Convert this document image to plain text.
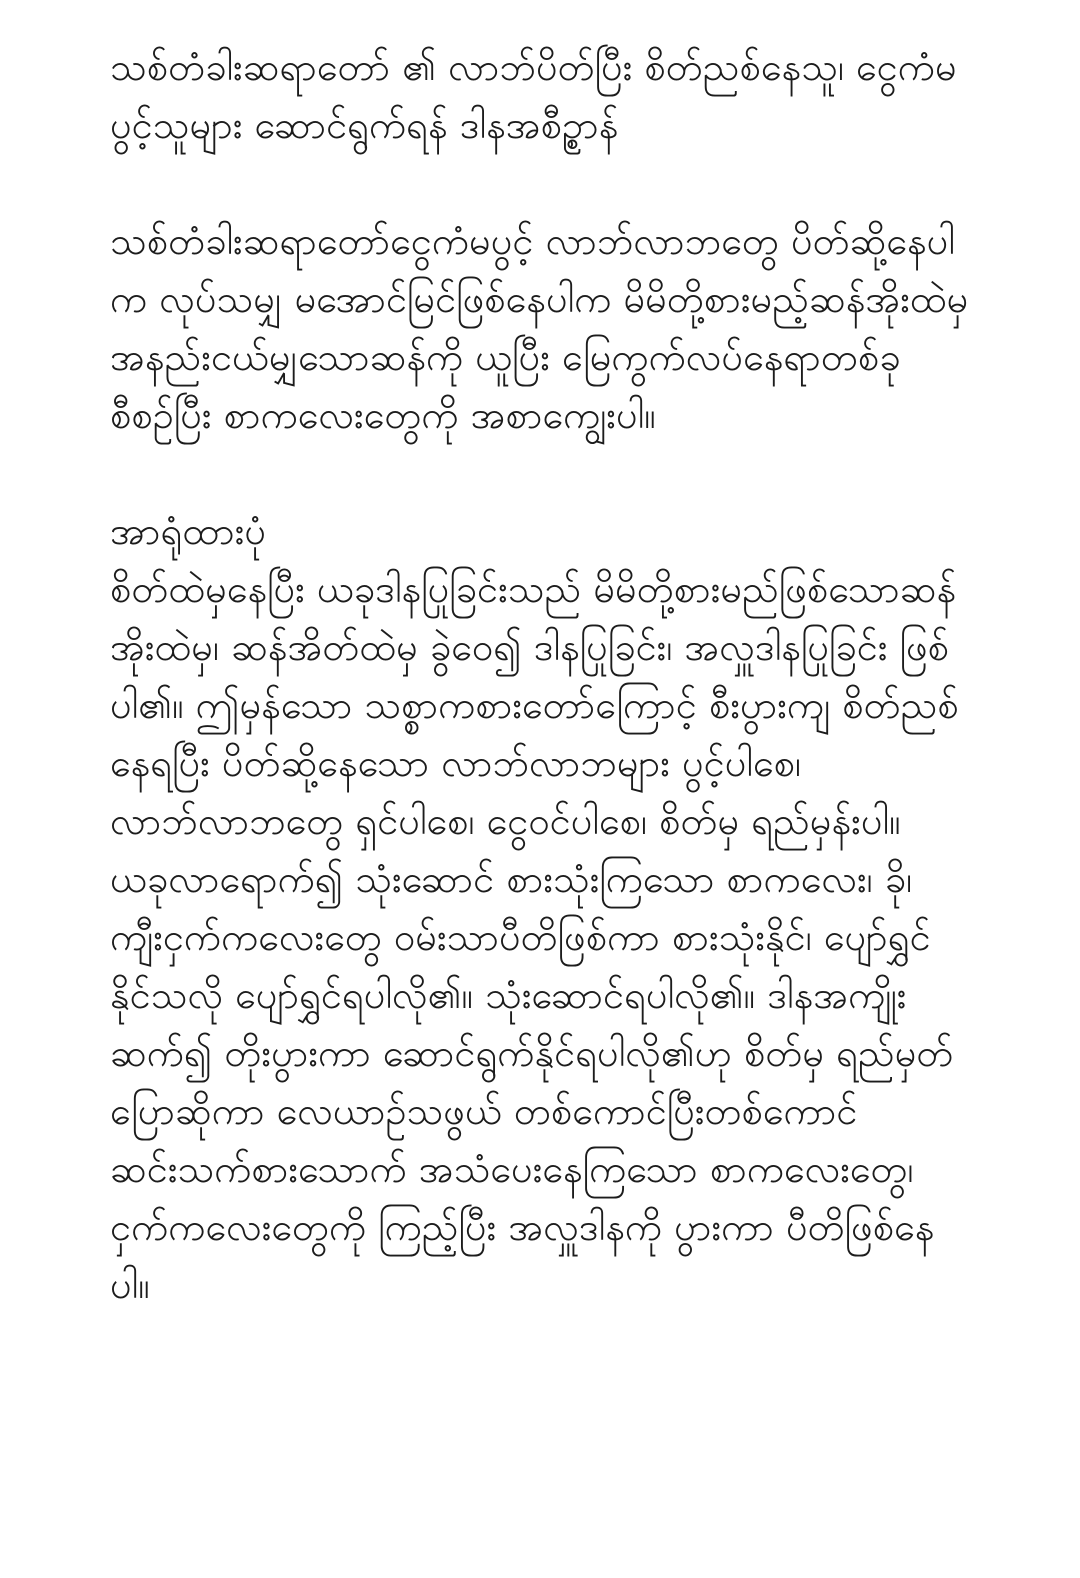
သစ်တံခါးဆရာတော် ၏ လာဘ်ပိတ်ပြီး စိတ်ညစ်နေသူ၊ ငွေကံမပွင့်သူများ ဆောင်ရွက်ရန် ဒါနအစီဥ္စာန်

သစ်တံခါးဆရာတော်ငွေကံမပွင့် လာဘ်လာဘတွေ ပိတ်ဆို့နေပါက လုပ်သမျှ မအောင်မြင်ဖြစ်နေပါက မိမိတို့စားမည့်ဆန်အိုးထဲမှ အနည်းငယ်မျှသောဆန်ကို ယူပြီး မြေကွက်လပ်နေရာတစ်ခု စီစဉ်ပြီး စာကလေးတွေကို အစာကျွေးပါ။

အာရုံထားပုံ

စိတ်ထဲမှနေပြီး ယခုဒါနပြုခြင်းသည် မိမိတို့စားမည်ဖြစ်သောဆန်အိုးထဲမှ၊ ဆန်အိတ်ထဲမှ ခွဲဝေ၍ ဒါနပြုခြင်း၊ အလှူဒါနပြုခြင်း ဖြစ်ပါ၏။ ဤမှန်သော သစ္စာကစားတော်ကြောင့် စီးပွားကျ စိတ်ညစ်နေရပြီး ပိတ်ဆို့နေသော လာဘ်လာဘများ ပွင့်ပါစေ၊ လာဘ်လာဘတွေ ရှင်ပါစေ၊ ငွေဝင်ပါစေ၊ စိတ်မှ ရည်မှန်းပါ။ ယခုလာရောက်၍ သုံးဆောင် စားသုံးကြသော စာကလေး၊ ခို၊ ကျီးငှက်ကလေးတွေ ဝမ်းသာပီတိဖြစ်ကာ စားသုံးနိုင်၊ ပျော်ရွှင်နိုင်သလို ပျော်ရွှင်ရပါလို၏။ သုံးဆောင်ရပါလို၏။ ဒါနအကျိုး ဆက်၍ တိုးပွားကာ ဆောင်ရွက်နိုင်ရပါလို၏ဟု စိတ်မှ ရည်မှတ် ပြောဆိုကာ လေယာဉ်သဖွယ် တစ်ကောင်ပြီးတစ်ကောင် ဆင်းသက်စားသောက် အသံပေးနေကြသော စာကလေးတွေ၊ ငှက်ကလေးတွေကို ကြည့်ပြီး အလှူဒါနကို ပွားကာ ပီတိဖြစ်နေပါ။
